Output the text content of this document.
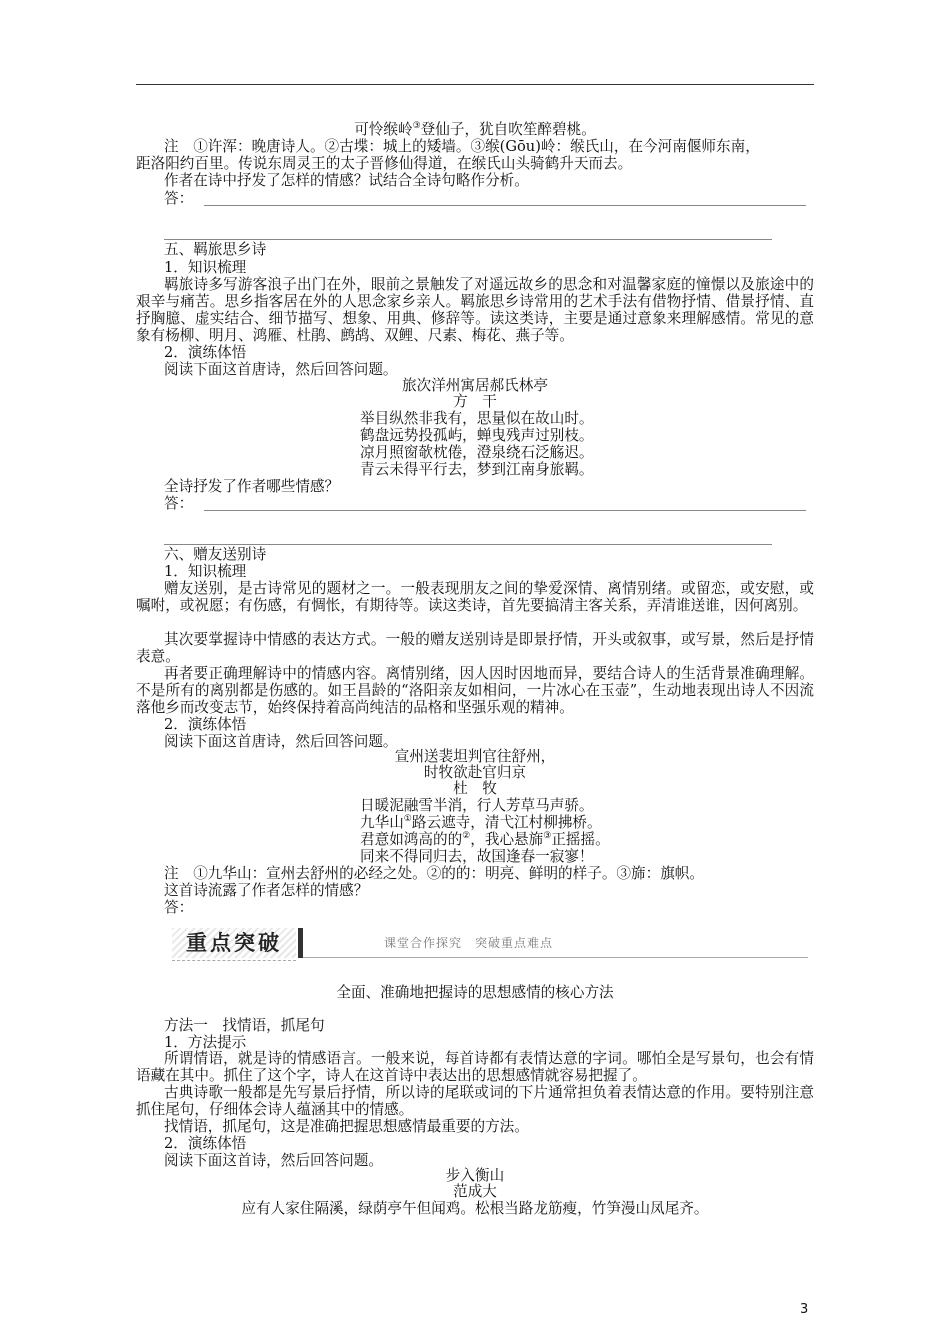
可怜缑岭③登仙子，犹自吹笙醉碧桃。
注　①许浑：晚唐诗人。②古堞：城上的矮墙。③缑(Gōu)岭：缑氏山，在今河南偃师东南，
距洛阳约百里。传说东周灵王的太子晋修仙得道，在缑氏山头骑鹤升天而去。
作者在诗中抒发了怎样的情感？试结合全诗句略作分析。
答：
五、羁旅思乡诗
1．知识梳理
羁旅诗多写游客浪子出门在外，眼前之景触发了对遥远故乡的思念和对温馨家庭的憧憬以及旅途中的艰辛与痛苦。思乡指客居在外的人思念家乡亲人。羁旅思乡诗常用的艺术手法有借物抒情、借景抒情、直抒胸臆、虚实结合、细节描写、想象、用典、修辞等。读这类诗，主要是通过意象来理解感情。常见的意象有杨柳、明月、鸿雁、杜鹃、鹧鸪、双鲤、尺素、梅花、燕子等。
2．演练体悟
阅读下面这首唐诗，然后回答问题。
旅次洋州寓居郝氏林亭
方　干
举目纵然非我有，思量似在故山时。
鹤盘远势投孤屿，蝉曳残声过别枝。
凉月照窗欹枕倦，澄泉绕石泛觞迟。
青云未得平行去，梦到江南身旅羁。
全诗抒发了作者哪些情感？
答：
六、赠友送别诗
1．知识梳理
赠友送别，是古诗常见的题材之一。一般表现朋友之间的挚爱深情、离情别绪。或留恋，或安慰，或嘱咐，或祝愿；有伤感，有惆怅，有期待等。读这类诗，首先要搞清主客关系，弄清谁送谁，因何离别。
其次要掌握诗中情感的表达方式。一般的赠友送别诗是即景抒情，开头或叙事，或写景，然后是抒情表意。
再者要正确理解诗中的情感内容。离情别绪，因人因时因地而异，要结合诗人的生活背景准确理解。不是所有的离别都是伤感的。如王昌龄的“洛阳亲友如相问，一片冰心在玉壶”，生动地表现出诗人不因流落他乡而改变志节，始终保持着高尚纯洁的品格和坚强乐观的精神。
2．演练体悟
阅读下面这首唐诗，然后回答问题。
宣州送裴坦判官往舒州，
时牧欲赴官归京
杜　牧
日暖泥融雪半消，行人芳草马声骄。
九华山①路云遮寺，清弋江村柳拂桥。
君意如鸿高的的②，我心悬旆③正摇摇。
同来不得同归去，故国逢春一寂寥！
注　①九华山：宣州去舒州的必经之处。②的的：明亮、鲜明的样子。③旆：旗帜。
这首诗流露了作者怎样的情感？
答：
重点突破	课堂合作探究　突破重点难点
全面、准确地把握诗的思想感情的核心方法
方法一　找情语，抓尾句
1．方法提示
所谓情语，就是诗的情感语言。一般来说，每首诗都有表情达意的字词。哪怕全是写景句，也会有情语藏在其中。抓住了这个字，诗人在这首诗中表达出的思想感情就容易把握了。
古典诗歌一般都是先写景后抒情，所以诗的尾联或词的下片通常担负着表情达意的作用。要特别注意抓住尾句，仔细体会诗人蕴涵其中的情感。
找情语，抓尾句，这是准确把握思想感情最重要的方法。
2．演练体悟
阅读下面这首诗，然后回答问题。
步入衡山
范成大
应有人家住隔溪，绿荫亭午但闻鸡。松根当路龙筋瘦，竹笋漫山凤尾齐。
3
